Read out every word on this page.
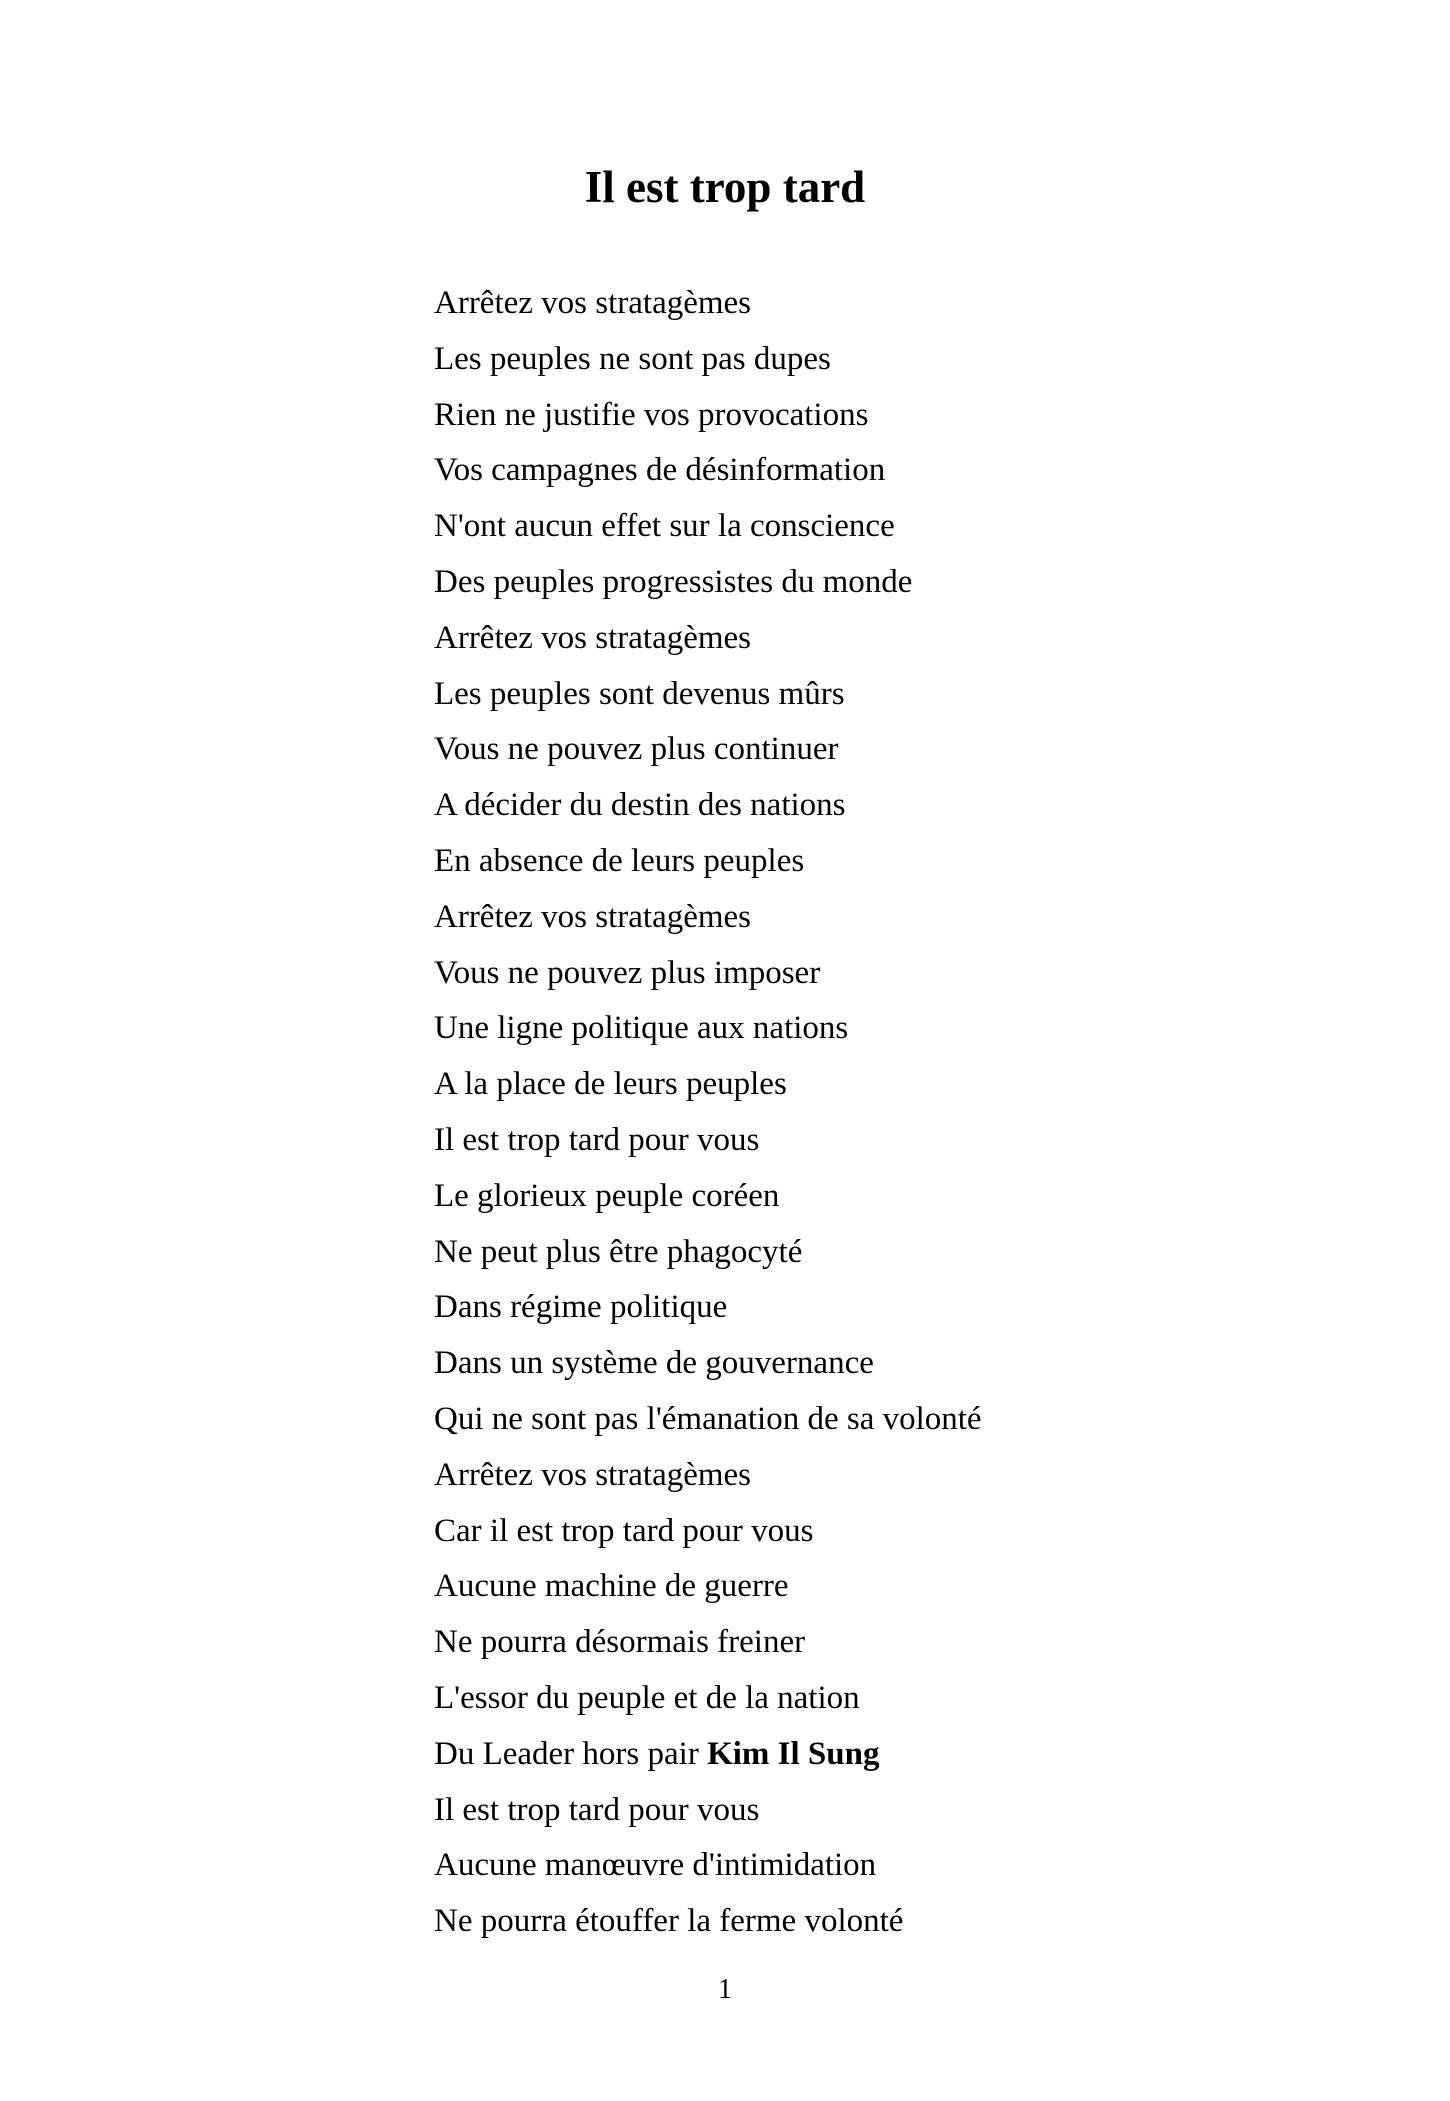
Il est trop tard
Arrêtez vos stratagèmes
Les peuples ne sont pas dupes
Rien ne justifie vos provocations
Vos campagnes de désinformation
N'ont aucun effet sur la conscience
Des peuples progressistes du monde
Arrêtez vos stratagèmes
Les peuples sont devenus mûrs
Vous ne pouvez plus continuer
A décider du destin des nations
En absence de leurs peuples
Arrêtez vos stratagèmes
Vous ne pouvez plus imposer
Une ligne politique aux nations
A la place de leurs peuples
Il est trop tard pour vous
Le glorieux peuple coréen
Ne peut plus être phagocyté
Dans régime politique
Dans un système de gouvernance
Qui ne sont pas l'émanation de sa volonté
Arrêtez vos stratagèmes
Car il est trop tard pour vous
Aucune machine de guerre
Ne pourra désormais freiner
L'essor du peuple et de la nation
Du Leader hors pair Kim Il Sung
Il est trop tard pour vous
Aucune manœuvre d'intimidation
Ne pourra étouffer la ferme volonté
1
